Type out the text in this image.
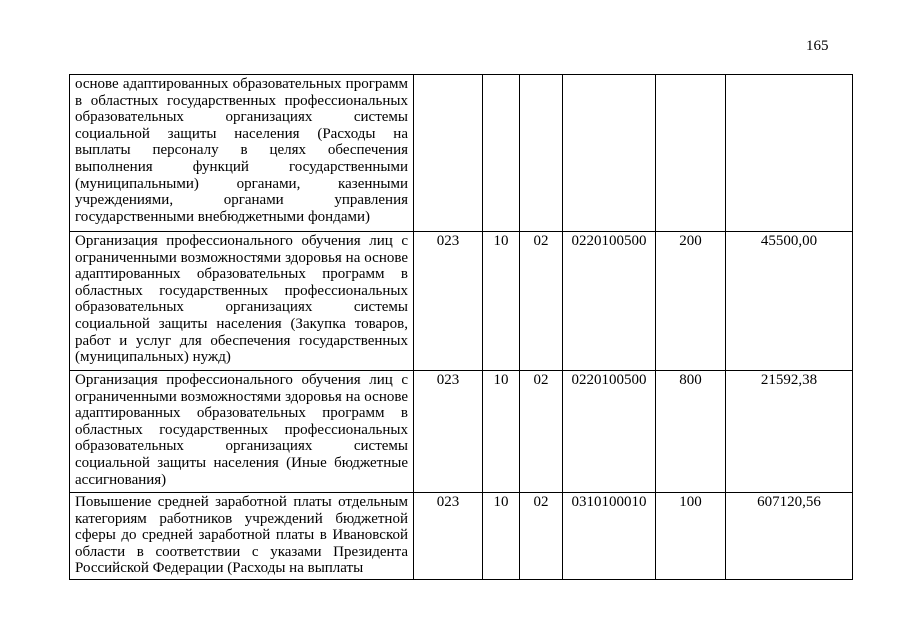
165
основе адаптированных образовательных программ в областных государственных профессиональных образовательных организациях системы социальной защиты населения (Расходы на выплаты персоналу в целях обеспечения выполнения функций государственными (муниципальными) органами, казенными учреждениями, органами управления государственными внебюджетными фондами)						

Организация профессионального обучения лиц с ограниченными возможностями здоровья на основе адаптированных образовательных программ в областных государственных профессиональных образовательных организациях системы социальной защиты населения (Закупка товаров, работ и услуг для обеспечения государственных (муниципальных) нужд)	023	10	02	0220100500	200	45500,00

Организация профессионального обучения лиц с ограниченными возможностями здоровья на основе адаптированных образовательных программ в областных государственных профессиональных образовательных организациях системы социальной защиты населения (Иные бюджетные ассигнования)	023	10	02	0220100500	800	21592,38

Повышение средней заработной платы отдельным категориям работников учреждений бюджетной сферы до средней заработной платы в Ивановской области в соответствии с указами Президента Российской Федерации (Расходы на выплаты	023	10	02	0310100010	100	607120,56
